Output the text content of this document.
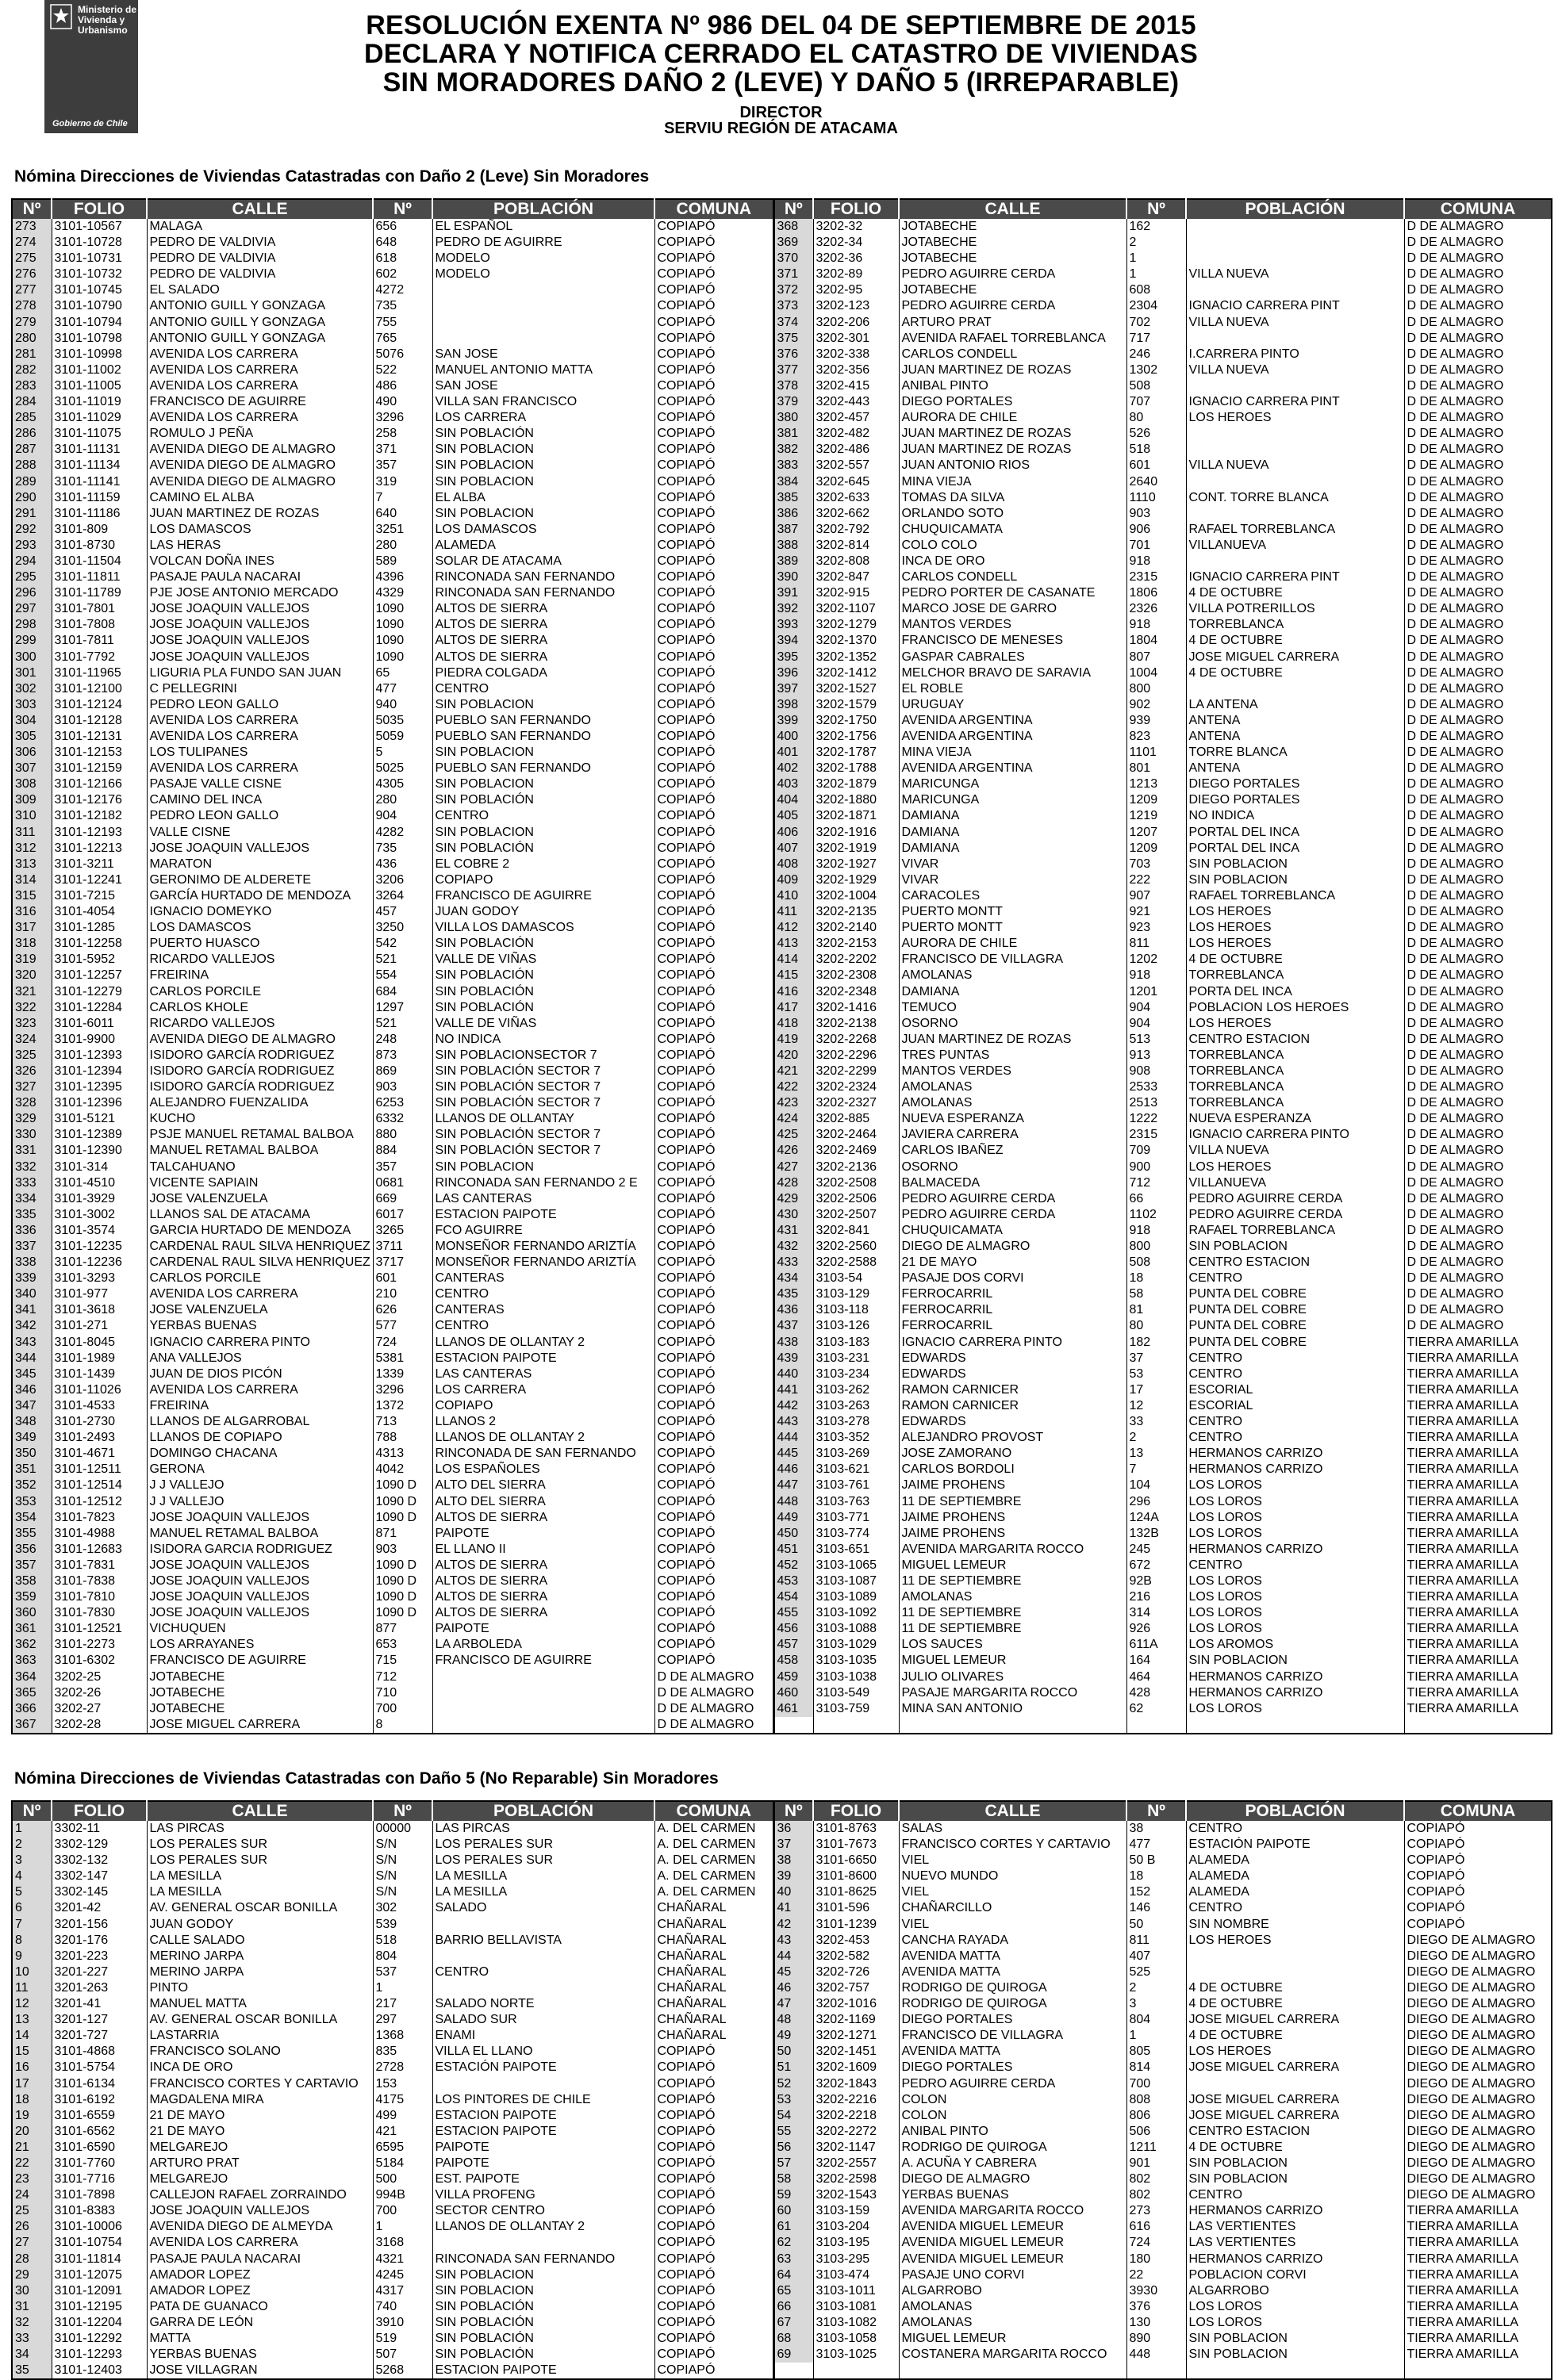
Ministerio de Vivienda y Urbanismo
Gobierno de Chile
RESOLUCIÓN EXENTA Nº 986 DEL 04 DE SEPTIEMBRE DE 2015
DECLARA Y NOTIFICA CERRADO EL CATASTRO DE VIVIENDAS
SIN MORADORES DAÑO 2 (LEVE) Y DAÑO 5 (IRREPARABLE)
DIRECTOR
SERVIU REGIÓN DE ATACAMA
Nómina Direcciones de Viviendas Catastradas con Daño 2 (Leve) Sin Moradores
Nº	FOLIO	CALLE	Nº	POBLACIÓN	COMUNA	Nº	FOLIO	CALLE	Nº	POBLACIÓN	COMUNA
273	3101-10567	MALAGA	656	EL ESPAÑOL	COPIAPÓ	368	3202-32	JOTABECHE	162		D DE ALMAGRO
274	3101-10728	PEDRO DE VALDIVIA	648	PEDRO DE AGUIRRE	COPIAPÓ	369	3202-34	JOTABECHE	2		D DE ALMAGRO
275	3101-10731	PEDRO DE VALDIVIA	618	MODELO	COPIAPÓ	370	3202-36	JOTABECHE	1		D DE ALMAGRO
276	3101-10732	PEDRO DE VALDIVIA	602	MODELO	COPIAPÓ	371	3202-89	PEDRO AGUIRRE CERDA	1	VILLA NUEVA	D DE ALMAGRO
277	3101-10745	EL SALADO	4272		COPIAPÓ	372	3202-95	JOTABECHE	608		D DE ALMAGRO
278	3101-10790	ANTONIO GUILL Y GONZAGA	735		COPIAPÓ	373	3202-123	PEDRO AGUIRRE CERDA	2304	IGNACIO CARRERA PINT	D DE ALMAGRO
279	3101-10794	ANTONIO GUILL Y GONZAGA	755		COPIAPÓ	374	3202-206	ARTURO PRAT	702	VILLA NUEVA	D DE ALMAGRO
280	3101-10798	ANTONIO GUILL Y GONZAGA	765		COPIAPÓ	375	3202-301	AVENIDA RAFAEL TORREBLANCA	717		D DE ALMAGRO
281	3101-10998	AVENIDA LOS CARRERA	5076	SAN JOSE	COPIAPÓ	376	3202-338	CARLOS CONDELL	246	I.CARRERA PINTO	D DE ALMAGRO
282	3101-11002	AVENIDA LOS CARRERA	522	MANUEL ANTONIO MATTA	COPIAPÓ	377	3202-356	JUAN MARTINEZ DE ROZAS	1302	VILLA NUEVA	D DE ALMAGRO
283	3101-11005	AVENIDA LOS CARRERA	486	SAN JOSE	COPIAPÓ	378	3202-415	ANIBAL PINTO	508		D DE ALMAGRO
284	3101-11019	FRANCISCO DE AGUIRRE	490	VILLA SAN FRANCISCO	COPIAPÓ	379	3202-443	DIEGO PORTALES	707	IGNACIO CARRERA PINT	D DE ALMAGRO
285	3101-11029	AVENIDA LOS CARRERA	3296	LOS CARRERA	COPIAPÓ	380	3202-457	AURORA DE CHILE	80	LOS HEROES	D DE ALMAGRO
286	3101-11075	ROMULO J PEÑA	258	SIN POBLACIÓN	COPIAPÓ	381	3202-482	JUAN MARTINEZ DE ROZAS	526		D DE ALMAGRO
287	3101-11131	AVENIDA DIEGO DE ALMAGRO	371	SIN POBLACION	COPIAPÓ	382	3202-486	JUAN MARTINEZ DE ROZAS	518		D DE ALMAGRO
288	3101-11134	AVENIDA DIEGO DE ALMAGRO	357	SIN POBLACION	COPIAPÓ	383	3202-557	JUAN ANTONIO RIOS	601	VILLA NUEVA	D DE ALMAGRO
289	3101-11141	AVENIDA DIEGO DE ALMAGRO	319	SIN POBLACION	COPIAPÓ	384	3202-645	MINA VIEJA	2640		D DE ALMAGRO
290	3101-11159	CAMINO EL ALBA	7	EL ALBA	COPIAPÓ	385	3202-633	TOMAS DA SILVA	1110	CONT. TORRE BLANCA	D DE ALMAGRO
291	3101-11186	JUAN MARTINEZ DE ROZAS	640	SIN POBLACION	COPIAPÓ	386	3202-662	ORLANDO SOTO	903		D DE ALMAGRO
292	3101-809	LOS DAMASCOS	3251	LOS DAMASCOS	COPIAPÓ	387	3202-792	CHUQUICAMATA	906	RAFAEL TORREBLANCA	D DE ALMAGRO
293	3101-8730	LAS HERAS	280	ALAMEDA	COPIAPÓ	388	3202-814	COLO COLO	701	VILLANUEVA	D DE ALMAGRO
294	3101-11504	VOLCAN DOÑA INES	589	SOLAR DE ATACAMA	COPIAPÓ	389	3202-808	INCA DE ORO	918		D DE ALMAGRO
295	3101-11811	PASAJE PAULA NACARAI	4396	RINCONADA SAN FERNANDO	COPIAPÓ	390	3202-847	CARLOS CONDELL	2315	IGNACIO CARRERA PINT	D DE ALMAGRO
296	3101-11789	PJE JOSE ANTONIO MERCADO	4329	RINCONADA SAN FERNANDO	COPIAPÓ	391	3202-915	PEDRO PORTER DE CASANATE	1806	4 DE OCTUBRE	D DE ALMAGRO
297	3101-7801	JOSE JOAQUIN VALLEJOS	1090	ALTOS DE SIERRA	COPIAPÓ	392	3202-1107	MARCO JOSE DE GARRO	2326	VILLA POTRERILLOS	D DE ALMAGRO
298	3101-7808	JOSE JOAQUIN VALLEJOS	1090	ALTOS DE SIERRA	COPIAPÓ	393	3202-1279	MANTOS VERDES	918	TORREBLANCA	D DE ALMAGRO
299	3101-7811	JOSE JOAQUIN VALLEJOS	1090	ALTOS DE SIERRA	COPIAPÓ	394	3202-1370	FRANCISCO DE MENESES	1804	4 DE OCTUBRE	D DE ALMAGRO
300	3101-7792	JOSE JOAQUIN VALLEJOS	1090	ALTOS DE SIERRA	COPIAPÓ	395	3202-1352	GASPAR CABRALES	807	JOSE MIGUEL CARRERA	D DE ALMAGRO
301	3101-11965	LIGURIA PLA FUNDO SAN JUAN	65	PIEDRA COLGADA	COPIAPÓ	396	3202-1412	MELCHOR BRAVO DE SARAVIA	1004	4 DE OCTUBRE	D DE ALMAGRO
302	3101-12100	C PELLEGRINI	477	CENTRO	COPIAPÓ	397	3202-1527	EL ROBLE	800		D DE ALMAGRO
303	3101-12124	PEDRO LEON GALLO	940	SIN POBLACION	COPIAPÓ	398	3202-1579	URUGUAY	902	LA ANTENA	D DE ALMAGRO
304	3101-12128	AVENIDA LOS CARRERA	5035	PUEBLO SAN FERNANDO	COPIAPÓ	399	3202-1750	AVENIDA ARGENTINA	939	ANTENA	D DE ALMAGRO
305	3101-12131	AVENIDA LOS CARRERA	5059	PUEBLO SAN FERNANDO	COPIAPÓ	400	3202-1756	AVENIDA ARGENTINA	823	ANTENA	D DE ALMAGRO
306	3101-12153	LOS TULIPANES	5	SIN POBLACION	COPIAPÓ	401	3202-1787	MINA VIEJA	1101	TORRE BLANCA	D DE ALMAGRO
307	3101-12159	AVENIDA LOS CARRERA	5025	PUEBLO SAN FERNANDO	COPIAPÓ	402	3202-1788	AVENIDA ARGENTINA	801	ANTENA	D DE ALMAGRO
308	3101-12166	PASAJE VALLE CISNE	4305	SIN POBLACION	COPIAPÓ	403	3202-1879	MARICUNGA	1213	DIEGO PORTALES	D DE ALMAGRO
309	3101-12176	CAMINO DEL INCA	280	SIN POBLACIÓN	COPIAPÓ	404	3202-1880	MARICUNGA	1209	DIEGO PORTALES	D DE ALMAGRO
310	3101-12182	PEDRO LEON GALLO	904	CENTRO	COPIAPÓ	405	3202-1871	DAMIANA	1219	NO INDICA	D DE ALMAGRO
311	3101-12193	VALLE CISNE	4282	SIN POBLACION	COPIAPÓ	406	3202-1916	DAMIANA	1207	PORTAL DEL INCA	D DE ALMAGRO
312	3101-12213	JOSE JOAQUIN VALLEJOS	735	SIN POBLACIÓN	COPIAPÓ	407	3202-1919	DAMIANA	1209	PORTAL DEL INCA	D DE ALMAGRO
313	3101-3211	MARATON	436	EL COBRE 2	COPIAPÓ	408	3202-1927	VIVAR	703	SIN POBLACION	D DE ALMAGRO
314	3101-12241	GERONIMO DE ALDERETE	3206	COPIAPO	COPIAPÓ	409	3202-1929	VIVAR	222	SIN POBLACION	D DE ALMAGRO
315	3101-7215	GARCÍA HURTADO DE MENDOZA	3264	FRANCISCO DE AGUIRRE	COPIAPÓ	410	3202-1004	CARACOLES	907	RAFAEL TORREBLANCA	D DE ALMAGRO
316	3101-4054	IGNACIO DOMEYKO	457	JUAN GODOY	COPIAPÓ	411	3202-2135	PUERTO MONTT	921	LOS HEROES	D DE ALMAGRO
317	3101-1285	LOS DAMASCOS	3250	VILLA LOS DAMASCOS	COPIAPÓ	412	3202-2140	PUERTO MONTT	923	LOS HEROES	D DE ALMAGRO
318	3101-12258	PUERTO HUASCO	542	SIN POBLACIÓN	COPIAPÓ	413	3202-2153	AURORA DE CHILE	811	LOS HEROES	D DE ALMAGRO
319	3101-5952	RICARDO VALLEJOS	521	VALLE DE VIÑAS	COPIAPÓ	414	3202-2202	FRANCISCO DE VILLAGRA	1202	4 DE OCTUBRE	D DE ALMAGRO
320	3101-12257	FREIRINA	554	SIN POBLACIÓN	COPIAPÓ	415	3202-2308	AMOLANAS	918	TORREBLANCA	D DE ALMAGRO
321	3101-12279	CARLOS PORCILE	684	SIN POBLACIÓN	COPIAPÓ	416	3202-2348	DAMIANA	1201	PORTA DEL INCA	D DE ALMAGRO
322	3101-12284	CARLOS KHOLE	1297	SIN POBLACIÓN	COPIAPÓ	417	3202-1416	TEMUCO	904	POBLACION LOS HEROES	D DE ALMAGRO
323	3101-6011	RICARDO VALLEJOS	521	VALLE DE VIÑAS	COPIAPÓ	418	3202-2138	OSORNO	904	LOS HEROES	D DE ALMAGRO
324	3101-9900	AVENIDA DIEGO DE ALMAGRO	248	NO INDICA	COPIAPÓ	419	3202-2268	JUAN MARTINEZ DE ROZAS	513	CENTRO ESTACION	D DE ALMAGRO
325	3101-12393	ISIDORO GARCÍA RODRIGUEZ	873	SIN POBLACIONSECTOR 7	COPIAPÓ	420	3202-2296	TRES PUNTAS	913	TORREBLANCA	D DE ALMAGRO
326	3101-12394	ISIDORO GARCÍA RODRIGUEZ	869	SIN POBLACIÓN SECTOR 7	COPIAPÓ	421	3202-2299	MANTOS VERDES	908	TORREBLANCA	D DE ALMAGRO
327	3101-12395	ISIDORO GARCÍA RODRIGUEZ	903	SIN POBLACIÓN SECTOR 7	COPIAPÓ	422	3202-2324	AMOLANAS	2533	TORREBLANCA	D DE ALMAGRO
328	3101-12396	ALEJANDRO FUENZALIDA	6253	SIN POBLACIÓN SECTOR 7	COPIAPÓ	423	3202-2327	AMOLANAS	2513	TORREBLANCA	D DE ALMAGRO
329	3101-5121	KUCHO	6332	LLANOS DE OLLANTAY	COPIAPÓ	424	3202-885	NUEVA ESPERANZA	1222	NUEVA ESPERANZA	D DE ALMAGRO
330	3101-12389	PSJE MANUEL RETAMAL BALBOA	880	SIN POBLACIÓN SECTOR 7	COPIAPÓ	425	3202-2464	JAVIERA CARRERA	2315	IGNACIO CARRERA PINTO	D DE ALMAGRO
331	3101-12390	MANUEL RETAMAL BALBOA	884	SIN POBLACIÓN SECTOR 7	COPIAPÓ	426	3202-2469	CARLOS IBAÑEZ	709	VILLA NUEVA	D DE ALMAGRO
332	3101-314	TALCAHUANO	357	SIN POBLACION	COPIAPÓ	427	3202-2136	OSORNO	900	LOS HEROES	D DE ALMAGRO
333	3101-4510	VICENTE SAPIAIN	0681	RINCONADA SAN FERNANDO 2 E	COPIAPÓ	428	3202-2508	BALMACEDA	712	VILLANUEVA	D DE ALMAGRO
334	3101-3929	JOSE VALENZUELA	669	LAS CANTERAS	COPIAPÓ	429	3202-2506	PEDRO AGUIRRE CERDA	66	PEDRO AGUIRRE CERDA	D DE ALMAGRO
335	3101-3002	LLANOS SAL DE ATACAMA	6017	ESTACION PAIPOTE	COPIAPÓ	430	3202-2507	PEDRO AGUIRRE CERDA	1102	PEDRO AGUIRRE CERDA	D DE ALMAGRO
336	3101-3574	GARCIA HURTADO DE MENDOZA	3265	FCO AGUIRRE	COPIAPÓ	431	3202-841	CHUQUICAMATA	918	RAFAEL TORREBLANCA	D DE ALMAGRO
337	3101-12235	CARDENAL RAUL SILVA HENRIQUEZ	3711	MONSEÑOR FERNANDO ARIZTÍA	COPIAPÓ	432	3202-2560	DIEGO DE ALMAGRO	800	SIN POBLACION	D DE ALMAGRO
338	3101-12236	CARDENAL RAUL SILVA HENRIQUEZ	3717	MONSEÑOR FERNANDO ARIZTÍA	COPIAPÓ	433	3202-2588	21 DE MAYO	508	CENTRO ESTACION	D DE ALMAGRO
339	3101-3293	CARLOS PORCILE	601	CANTERAS	COPIAPÓ	434	3103-54	PASAJE DOS CORVI	18	CENTRO	D DE ALMAGRO
340	3101-977	AVENIDA LOS CARRERA	210	CENTRO	COPIAPÓ	435	3103-129	FERROCARRIL	58	PUNTA DEL COBRE	D DE ALMAGRO
341	3101-3618	JOSE VALENZUELA	626	CANTERAS	COPIAPÓ	436	3103-118	FERROCARRIL	81	PUNTA DEL COBRE	D DE ALMAGRO
342	3101-271	YERBAS BUENAS	577	CENTRO	COPIAPÓ	437	3103-126	FERROCARRIL	80	PUNTA DEL COBRE	D DE ALMAGRO
343	3101-8045	IGNACIO CARRERA PINTO	724	LLANOS DE OLLANTAY 2	COPIAPÓ	438	3103-183	IGNACIO CARRERA PINTO	182	PUNTA DEL COBRE	TIERRA AMARILLA
344	3101-1989	ANA VALLEJOS	5381	ESTACION PAIPOTE	COPIAPÓ	439	3103-231	EDWARDS	37	CENTRO	TIERRA AMARILLA
345	3101-1439	JUAN DE DIOS PICÓN	1339	LAS CANTERAS	COPIAPÓ	440	3103-234	EDWARDS	53	CENTRO	TIERRA AMARILLA
346	3101-11026	AVENIDA LOS CARRERA	3296	LOS CARRERA	COPIAPÓ	441	3103-262	RAMON CARNICER	17	ESCORIAL	TIERRA AMARILLA
347	3101-4533	FREIRINA	1372	COPIAPO	COPIAPÓ	442	3103-263	RAMON CARNICER	12	ESCORIAL	TIERRA AMARILLA
348	3101-2730	LLANOS DE ALGARROBAL	713	LLANOS 2	COPIAPÓ	443	3103-278	EDWARDS	33	CENTRO	TIERRA AMARILLA
349	3101-2493	LLANOS DE COPIAPO	788	LLANOS DE OLLANTAY 2	COPIAPÓ	444	3103-352	ALEJANDRO PROVOST	2	CENTRO	TIERRA AMARILLA
350	3101-4671	DOMINGO CHACANA	4313	RINCONADA DE SAN FERNANDO	COPIAPÓ	445	3103-269	JOSE ZAMORANO	13	HERMANOS CARRIZO	TIERRA AMARILLA
351	3101-12511	GERONA	4042	LOS ESPAÑOLES	COPIAPÓ	446	3103-621	CARLOS BORDOLI	7	HERMANOS CARRIZO	TIERRA AMARILLA
352	3101-12514	J J VALLEJO	1090 D	ALTO DEL SIERRA	COPIAPÓ	447	3103-761	JAIME PROHENS	104	LOS LOROS	TIERRA AMARILLA
353	3101-12512	J J VALLEJO	1090 D	ALTO DEL SIERRA	COPIAPÓ	448	3103-763	11 DE SEPTIEMBRE	296	LOS LOROS	TIERRA AMARILLA
354	3101-7823	JOSE JOAQUIN VALLEJOS	1090 D	ALTOS DE SIERRA	COPIAPÓ	449	3103-771	JAIME PROHENS	124A	LOS LOROS	TIERRA AMARILLA
355	3101-4988	MANUEL RETAMAL BALBOA	871	PAIPOTE	COPIAPÓ	450	3103-774	JAIME PROHENS	132B	LOS LOROS	TIERRA AMARILLA
356	3101-12683	ISIDORA GARCIA RODRIGUEZ	903	EL LLANO II	COPIAPÓ	451	3103-651	AVENIDA MARGARITA ROCCO	245	HERMANOS CARRIZO	TIERRA AMARILLA
357	3101-7831	JOSE JOAQUIN VALLEJOS	1090 D	ALTOS DE SIERRA	COPIAPÓ	452	3103-1065	MIGUEL LEMEUR	672	CENTRO	TIERRA AMARILLA
358	3101-7838	JOSE JOAQUIN VALLEJOS	1090 D	ALTOS DE SIERRA	COPIAPÓ	453	3103-1087	11 DE SEPTIEMBRE	92B	LOS LOROS	TIERRA AMARILLA
359	3101-7810	JOSE JOAQUIN VALLEJOS	1090 D	ALTOS DE SIERRA	COPIAPÓ	454	3103-1089	AMOLANAS	216	LOS LOROS	TIERRA AMARILLA
360	3101-7830	JOSE JOAQUIN VALLEJOS	1090 D	ALTOS DE SIERRA	COPIAPÓ	455	3103-1092	11 DE SEPTIEMBRE	314	LOS LOROS	TIERRA AMARILLA
361	3101-12521	VICHUQUEN	877	PAIPOTE	COPIAPÓ	456	3103-1088	11 DE SEPTIEMBRE	926	LOS LOROS	TIERRA AMARILLA
362	3101-2273	LOS ARRAYANES	653	LA ARBOLEDA	COPIAPÓ	457	3103-1029	LOS SAUCES	611A	LOS AROMOS	TIERRA AMARILLA
363	3101-6302	FRANCISCO DE AGUIRRE	715	FRANCISCO DE AGUIRRE	COPIAPÓ	458	3103-1035	MIGUEL LEMEUR	164	SIN POBLACION	TIERRA AMARILLA
364	3202-25	JOTABECHE	712		D DE ALMAGRO	459	3103-1038	JULIO OLIVARES	464	HERMANOS CARRIZO	TIERRA AMARILLA
365	3202-26	JOTABECHE	710		D DE ALMAGRO	460	3103-549	PASAJE MARGARITA ROCCO	428	HERMANOS CARRIZO	TIERRA AMARILLA
366	3202-27	JOTABECHE	700		D DE ALMAGRO	461	3103-759	MINA SAN ANTONIO	62	LOS LOROS	TIERRA AMARILLA
367	3202-28	JOSE MIGUEL CARRERA	8		D DE ALMAGRO						
Nómina Direcciones de Viviendas Catastradas con Daño 5 (No Reparable) Sin Moradores
Nº	FOLIO	CALLE	Nº	POBLACIÓN	COMUNA	Nº	FOLIO	CALLE	Nº	POBLACIÓN	COMUNA
1	3302-11	LAS PIRCAS	00000	LAS PIRCAS	A. DEL CARMEN	36	3101-8763	SALAS	38	CENTRO	COPIAPÓ
2	3302-129	LOS PERALES SUR	S/N	LOS PERALES SUR	A. DEL CARMEN	37	3101-7673	FRANCISCO CORTES Y CARTAVIO	477	ESTACIÓN PAIPOTE	COPIAPÓ
3	3302-132	LOS PERALES SUR	S/N	LOS PERALES SUR	A. DEL CARMEN	38	3101-6650	VIEL	50 B	ALAMEDA	COPIAPÓ
4	3302-147	LA MESILLA	S/N	LA MESILLA	A. DEL CARMEN	39	3101-8600	NUEVO MUNDO	18	ALAMEDA	COPIAPÓ
5	3302-145	LA MESILLA	S/N	LA MESILLA	A. DEL CARMEN	40	3101-8625	VIEL	152	ALAMEDA	COPIAPÓ
6	3201-42	AV. GENERAL OSCAR BONILLA	302	SALADO	CHAÑARAL	41	3101-596	CHAÑARCILLO	146	CENTRO	COPIAPÓ
7	3201-156	JUAN GODOY	539		CHAÑARAL	42	3101-1239	VIEL	50	SIN NOMBRE	COPIAPÓ
8	3201-176	CALLE SALADO	518	BARRIO BELLAVISTA	CHAÑARAL	43	3202-453	CANCHA RAYADA	811	LOS HEROES	DIEGO DE ALMAGRO
9	3201-223	MERINO JARPA	804		CHAÑARAL	44	3202-582	AVENIDA MATTA	407		DIEGO DE ALMAGRO
10	3201-227	MERINO JARPA	537	CENTRO	CHAÑARAL	45	3202-726	AVENIDA MATTA	525		DIEGO DE ALMAGRO
11	3201-263	PINTO	1		CHAÑARAL	46	3202-757	RODRIGO DE QUIROGA	2	4 DE OCTUBRE	DIEGO DE ALMAGRO
12	3201-41	MANUEL MATTA	217	SALADO NORTE	CHAÑARAL	47	3202-1016	RODRIGO DE QUIROGA	3	4 DE OCTUBRE	DIEGO DE ALMAGRO
13	3201-127	AV. GENERAL OSCAR BONILLA	297	SALADO SUR	CHAÑARAL	48	3202-1169	DIEGO PORTALES	804	JOSE MIGUEL CARRERA	DIEGO DE ALMAGRO
14	3201-727	LASTARRIA	1368	ENAMI	CHAÑARAL	49	3202-1271	FRANCISCO DE VILLAGRA	1	4 DE OCTUBRE	DIEGO DE ALMAGRO
15	3101-4868	FRANCISCO SOLANO	835	VILLA EL LLANO	COPIAPÓ	50	3202-1451	AVENIDA MATTA	805	LOS HEROES	DIEGO DE ALMAGRO
16	3101-5754	INCA DE ORO	2728	ESTACIÓN PAIPOTE	COPIAPÓ	51	3202-1609	DIEGO PORTALES	814	JOSE MIGUEL CARRERA	DIEGO DE ALMAGRO
17	3101-6134	FRANCISCO CORTES Y CARTAVIO	153		COPIAPÓ	52	3202-1843	PEDRO AGUIRRE CERDA	700		DIEGO DE ALMAGRO
18	3101-6192	MAGDALENA MIRA	4175	LOS PINTORES DE CHILE	COPIAPÓ	53	3202-2216	COLON	808	JOSE MIGUEL CARRERA	DIEGO DE ALMAGRO
19	3101-6559	21 DE MAYO	499	ESTACION PAIPOTE	COPIAPÓ	54	3202-2218	COLON	806	JOSE MIGUEL CARRERA	DIEGO DE ALMAGRO
20	3101-6562	21 DE MAYO	421	ESTACION PAIPOTE	COPIAPÓ	55	3202-2272	ANIBAL PINTO	506	CENTRO ESTACION	DIEGO DE ALMAGRO
21	3101-6590	MELGAREJO	6595	PAIPOTE	COPIAPÓ	56	3202-1147	RODRIGO DE QUIROGA	1211	4 DE OCTUBRE	DIEGO DE ALMAGRO
22	3101-7760	ARTURO PRAT	5184	PAIPOTE	COPIAPÓ	57	3202-2557	A. ACUÑA Y CABRERA	901	SIN POBLACION	DIEGO DE ALMAGRO
23	3101-7716	MELGAREJO	500	EST. PAIPOTE	COPIAPÓ	58	3202-2598	DIEGO DE ALMAGRO	802	SIN POBLACION	DIEGO DE ALMAGRO
24	3101-7898	CALLEJON RAFAEL ZORRAINDO	994B	VILLA PROFENG	COPIAPÓ	59	3202-1543	YERBAS BUENAS	802	CENTRO	DIEGO DE ALMAGRO
25	3101-8383	JOSE JOAQUIN VALLEJOS	700	SECTOR CENTRO	COPIAPÓ	60	3103-159	AVENIDA MARGARITA ROCCO	273	HERMANOS CARRIZO	TIERRA AMARILLA
26	3101-10006	AVENIDA DIEGO DE ALMEYDA	1	LLANOS DE OLLANTAY 2	COPIAPÓ	61	3103-204	AVENIDA MIGUEL LEMEUR	616	LAS VERTIENTES	TIERRA AMARILLA
27	3101-10754	AVENIDA LOS CARRERA	3168		COPIAPÓ	62	3103-195	AVENIDA MIGUEL LEMEUR	724	LAS VERTIENTES	TIERRA AMARILLA
28	3101-11814	PASAJE PAULA NACARAI	4321	RINCONADA SAN FERNANDO	COPIAPÓ	63	3103-295	AVENIDA MIGUEL LEMEUR	180	HERMANOS CARRIZO	TIERRA AMARILLA
29	3101-12075	AMADOR LOPEZ	4245	SIN POBLACION	COPIAPÓ	64	3103-474	PASAJE UNO CORVI	22	POBLACION CORVI	TIERRA AMARILLA
30	3101-12091	AMADOR LOPEZ	4317	SIN POBLACION	COPIAPÓ	65	3103-1011	ALGARROBO	3930	ALGARROBO	TIERRA AMARILLA
31	3101-12195	PATA DE GUANACO	740	SIN POBLACIÓN	COPIAPÓ	66	3103-1081	AMOLANAS	376	LOS LOROS	TIERRA AMARILLA
32	3101-12204	GARRA DE LEÓN	3910	SIN POBLACIÓN	COPIAPÓ	67	3103-1082	AMOLANAS	130	LOS LOROS	TIERRA AMARILLA
33	3101-12292	MATTA	519	SIN POBLACIÓN	COPIAPÓ	68	3103-1058	MIGUEL LEMEUR	890	SIN POBLACION	TIERRA AMARILLA
34	3101-12293	YERBAS BUENAS	507	SIN POBLACIÓN	COPIAPÓ	69	3103-1025	COSTANERA MARGARITA ROCCO	448	SIN POBLACION	TIERRA AMARILLA
35	3101-12403	JOSE VILLAGRAN	5268	ESTACION PAIPOTE	COPIAPÓ						
